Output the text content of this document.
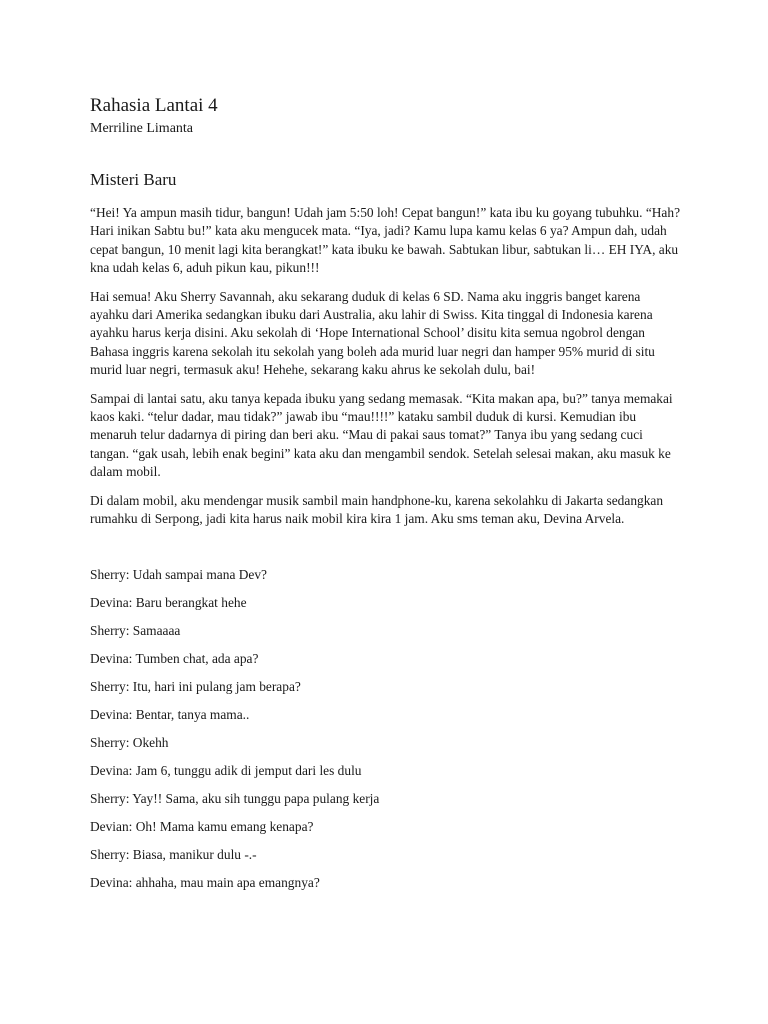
Rahasia Lantai 4
Merriline Limanta
Misteri Baru

“Hei! Ya ampun masih tidur, bangun! Udah jam 5:50 loh! Cepat bangun!” kata ibu ku goyang tubuhku. “Hah? Hari inikan Sabtu bu!” kata aku mengucek mata. “Iya, jadi? Kamu lupa kamu kelas 6 ya? Ampun dah, udah cepat bangun, 10 menit lagi kita berangkat!” kata ibuku ke bawah. Sabtukan libur, sabtukan li… EH IYA, aku kna udah kelas 6, aduh pikun kau, pikun!!!

Hai semua! Aku Sherry Savannah, aku sekarang duduk di kelas 6 SD. Nama aku inggris banget karena ayahku dari Amerika sedangkan ibuku dari Australia, aku lahir di Swiss. Kita tinggal di Indonesia karena ayahku harus kerja disini. Aku sekolah di ‘Hope International School’ disitu kita semua ngobrol dengan Bahasa inggris karena sekolah itu sekolah yang boleh ada murid luar negri dan hamper 95% murid di situ murid luar negri, termasuk aku! Hehehe, sekarang kaku ahrus ke sekolah dulu, bai!

Sampai di lantai satu, aku tanya kepada ibuku yang sedang memasak. “Kita makan apa, bu?” tanya memakai kaos kaki. “telur dadar, mau tidak?” jawab ibu “mau!!!!” kataku sambil duduk di kursi. Kemudian ibu menaruh telur dadarnya di piring dan beri aku. “Mau di pakai saus tomat?” Tanya ibu yang sedang cuci tangan. “gak usah, lebih enak begini” kata aku dan mengambil sendok. Setelah selesai makan, aku masuk ke dalam mobil.

Di dalam mobil, aku mendengar musik sambil main handphone-ku, karena sekolahku di Jakarta sedangkan rumahku di Serpong, jadi kita harus naik mobil kira kira 1 jam. Aku sms teman aku, Devina Arvela.

Sherry: Udah sampai mana Dev?
Devina: Baru berangkat hehe
Sherry: Samaaaa
Devina: Tumben chat, ada apa?
Sherry: Itu, hari ini pulang jam berapa?
Devina: Bentar, tanya mama..
Sherry: Okehh
Devina: Jam 6, tunggu adik di jemput dari les dulu
Sherry: Yay!! Sama, aku sih tunggu papa pulang kerja
Devian: Oh! Mama kamu emang kenapa?
Sherry: Biasa, manikur dulu -.-
Devina: ahhaha, mau main apa emangnya?
